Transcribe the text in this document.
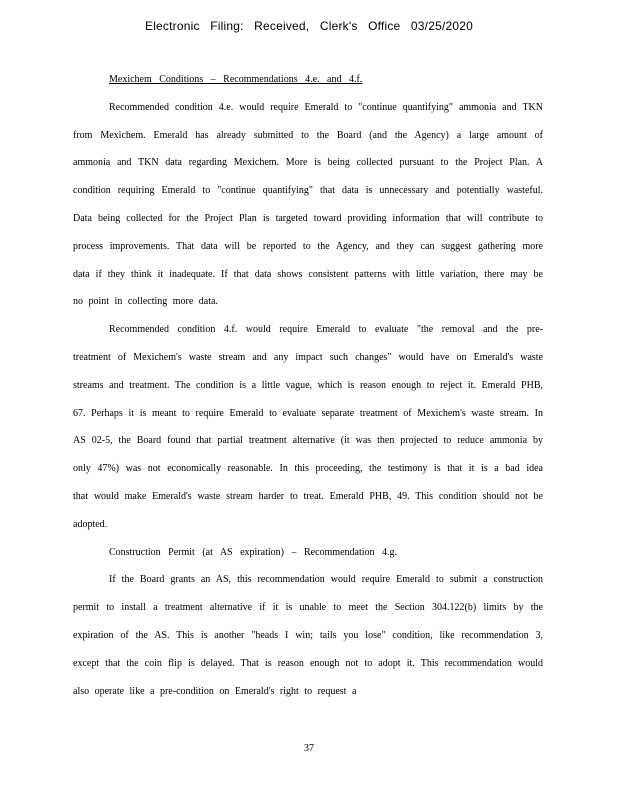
Electronic Filing: Received, Clerk's Office 03/25/2020
Mexichem Conditions – Recommendations 4.e. and 4.f.

Recommended condition 4.e. would require Emerald to "continue quantifying" ammonia and TKN from Mexichem. Emerald has already submitted to the Board (and the Agency) a large amount of ammonia and TKN data regarding Mexichem. More is being collected pursuant to the Project Plan. A condition requiring Emerald to "continue quantifying" that data is unnecessary and potentially wasteful. Data being collected for the Project Plan is targeted toward providing information that will contribute to process improvements. That data will be reported to the Agency, and they can suggest gathering more data if they think it inadequate. If that data shows consistent patterns with little variation, there may be no point in collecting more data.

Recommended condition 4.f. would require Emerald to evaluate "the removal and the pre-treatment of Mexichem's waste stream and any impact such changes" would have on Emerald's waste streams and treatment. The condition is a little vague, which is reason enough to reject it. Emerald PHB, 67. Perhaps it is meant to require Emerald to evaluate separate treatment of Mexichem's waste stream. In AS 02-5, the Board found that partial treatment alternative (it was then projected to reduce ammonia by only 47%) was not economically reasonable. In this proceeding, the testimony is that it is a bad idea that would make Emerald's waste stream harder to treat. Emerald PHB, 49. This condition should not be adopted.

Construction Permit (at AS expiration) – Recommendation 4.g.

If the Board grants an AS, this recommendation would require Emerald to submit a construction permit to install a treatment alternative if it is unable to meet the Section 304.122(b) limits by the expiration of the AS. This is another "heads I win; tails you lose" condition, like recommendation 3, except that the coin flip is delayed. That is reason enough not to adopt it. This recommendation would also operate like a pre-condition on Emerald's right to request a

37
